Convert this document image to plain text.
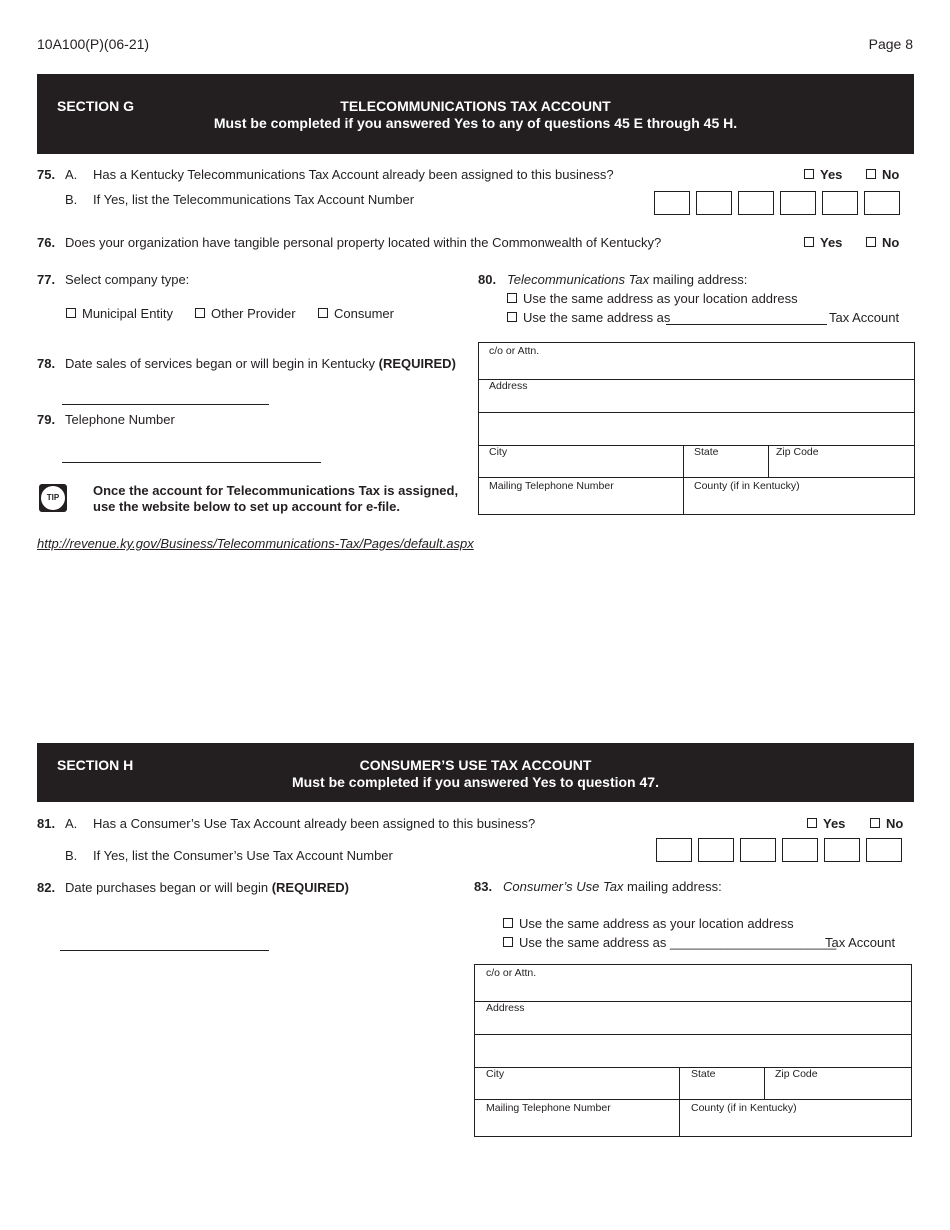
10A100(P)(06-21)	Page 8
SECTION G	TELECOMMUNICATIONS TAX ACCOUNT
Must be completed if you answered Yes to any of questions 45 E through 45 H.
75. A. Has a Kentucky Telecommunications Tax Account already been assigned to this business?	Yes	No
B. If Yes, list the Telecommunications Tax Account Number
76. Does your organization have tangible personal property located within the Commonwealth of Kentucky?	Yes	No
77. Select company type:
Municipal Entity	Other Provider	Consumer
78. Date sales of services began or will begin in Kentucky (REQUIRED)
79. Telephone Number
TIP	Once the account for Telecommunications Tax is assigned, use the website below to set up account for e-file.
http://revenue.ky.gov/Business/Telecommunications-Tax/Pages/default.aspx
80. Telecommunications Tax mailing address:
Use the same address as your location address
Use the same address as	Tax Account
c/o or Attn.
Address
City	State	Zip Code
Mailing Telephone Number	County (if in Kentucky)
SECTION H	CONSUMER’S USE TAX ACCOUNT
Must be completed if you answered Yes to question 47.
81. A. Has a Consumer’s Use Tax Account already been assigned to this business?	Yes	No
B. If Yes, list the Consumer’s Use Tax Account Number
82. Date purchases began or will begin (REQUIRED)	83. Consumer’s Use Tax mailing address:
Use the same address as your location address
Use the same address as _______________________
Tax Account
c/o or Attn.
Address
City	State	Zip Code
Mailing Telephone Number	County (if in Kentucky)
